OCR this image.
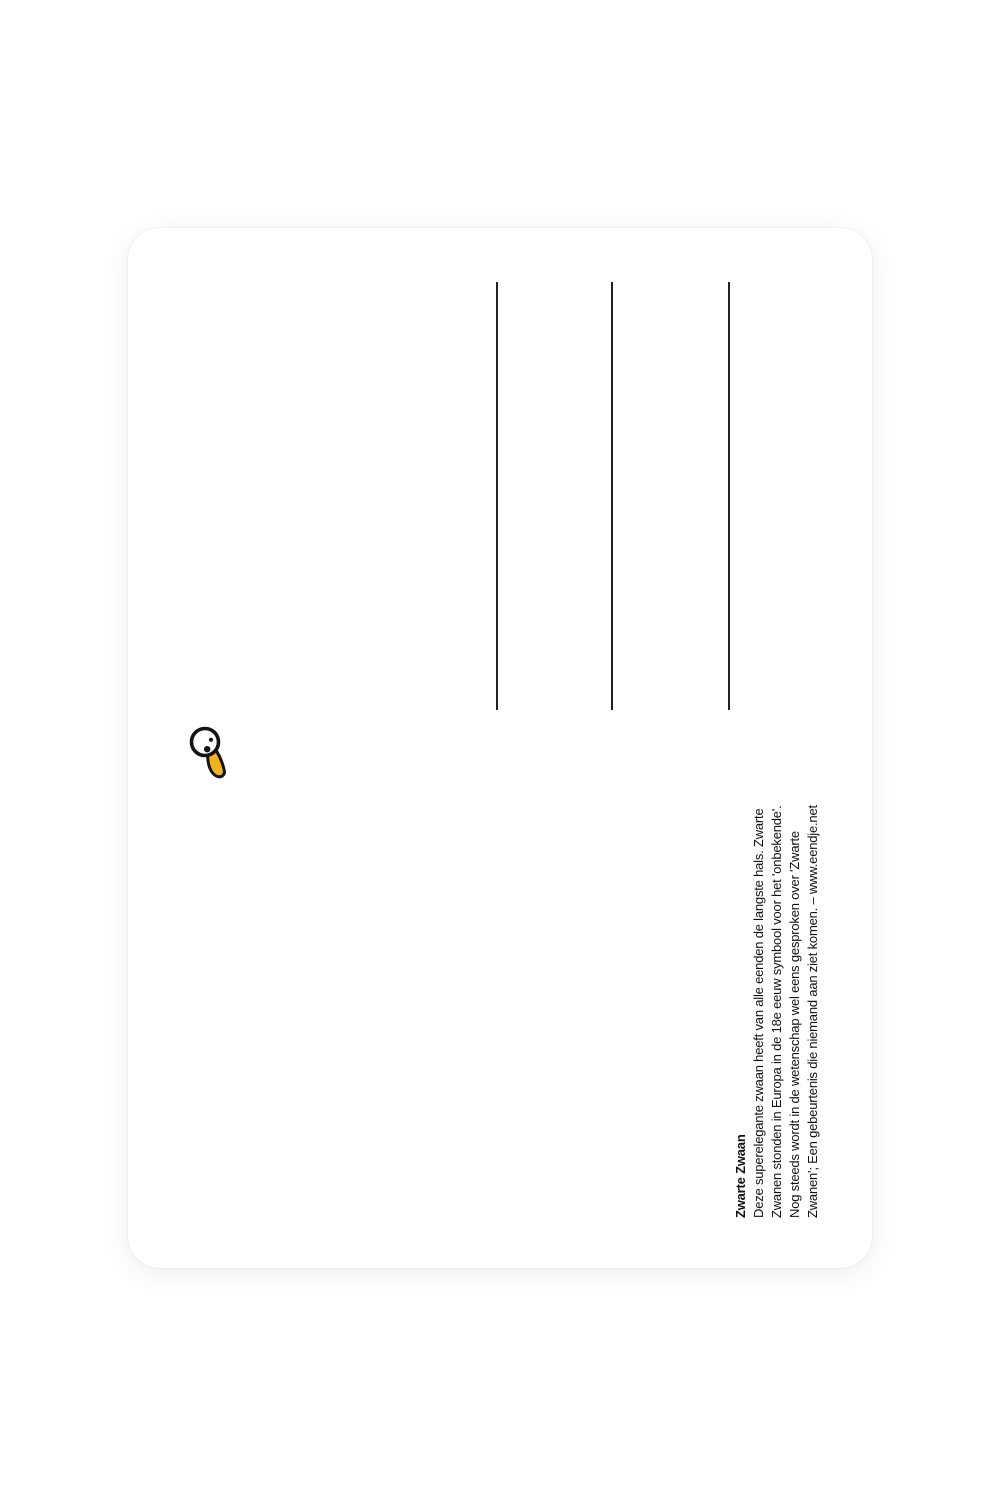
Zwarte Zwaan Deze superelegante zwaan heeft van alle eenden de langste hals. Zwarte Zwanen stonden in Europa in de 18e eeuw symbool voor het 'onbekende'. Nog steeds wordt in de wetenschap wel eens gesproken over 'Zwarte Zwanen'; Een gebeurtenis die niemand aan ziet komen. – www.eendje.net
